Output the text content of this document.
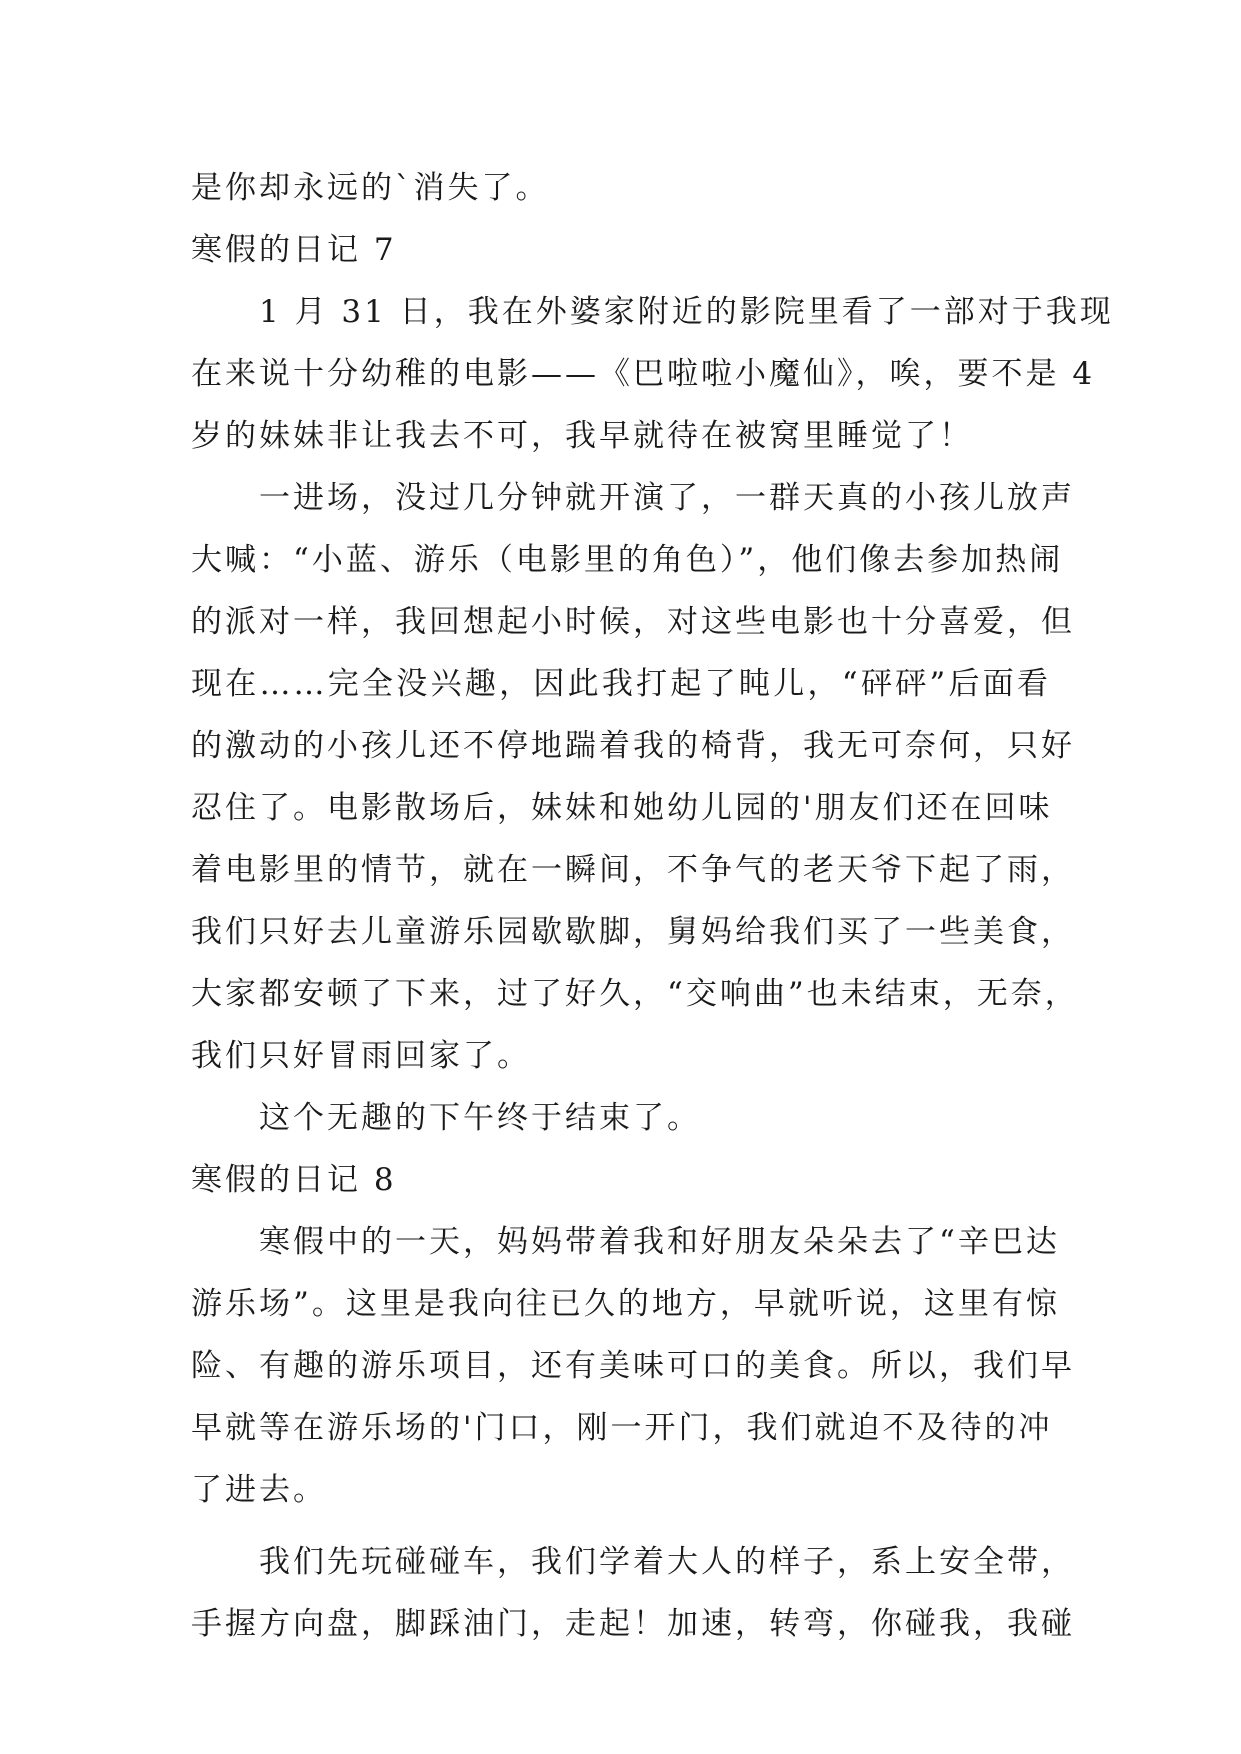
是你却永远的`消失了。
寒假的日记 7
1 月 31 日，我在外婆家附近的影院里看了一部对于我现
在来说十分幼稚的电影——《巴啦啦小魔仙》，唉，要不是 4
岁的妹妹非让我去不可，我早就待在被窝里睡觉了！
一进场，没过几分钟就开演了，一群天真的小孩儿放声
大喊：“小蓝、游乐（电影里的角色）”，他们像去参加热闹
的派对一样，我回想起小时候，对这些电影也十分喜爱，但
现在……完全没兴趣，因此我打起了盹儿，“砰砰”后面看
的激动的小孩儿还不停地踹着我的椅背，我无可奈何，只好
忍住了。电影散场后，妹妹和她幼儿园的'朋友们还在回味
着电影里的情节，就在一瞬间，不争气的老天爷下起了雨，
我们只好去儿童游乐园歇歇脚，舅妈给我们买了一些美食，
大家都安顿了下来，过了好久，“交响曲”也未结束，无奈，
我们只好冒雨回家了。
这个无趣的下午终于结束了。
寒假的日记 8
寒假中的一天，妈妈带着我和好朋友朵朵去了“辛巴达
游乐场”。这里是我向往已久的地方，早就听说，这里有惊
险、有趣的游乐项目，还有美味可口的美食。所以，我们早
早就等在游乐场的'门口，刚一开门，我们就迫不及待的冲
了进去。
我们先玩碰碰车，我们学着大人的样子，系上安全带，
手握方向盘，脚踩油门，走起！加速，转弯，你碰我，我碰
